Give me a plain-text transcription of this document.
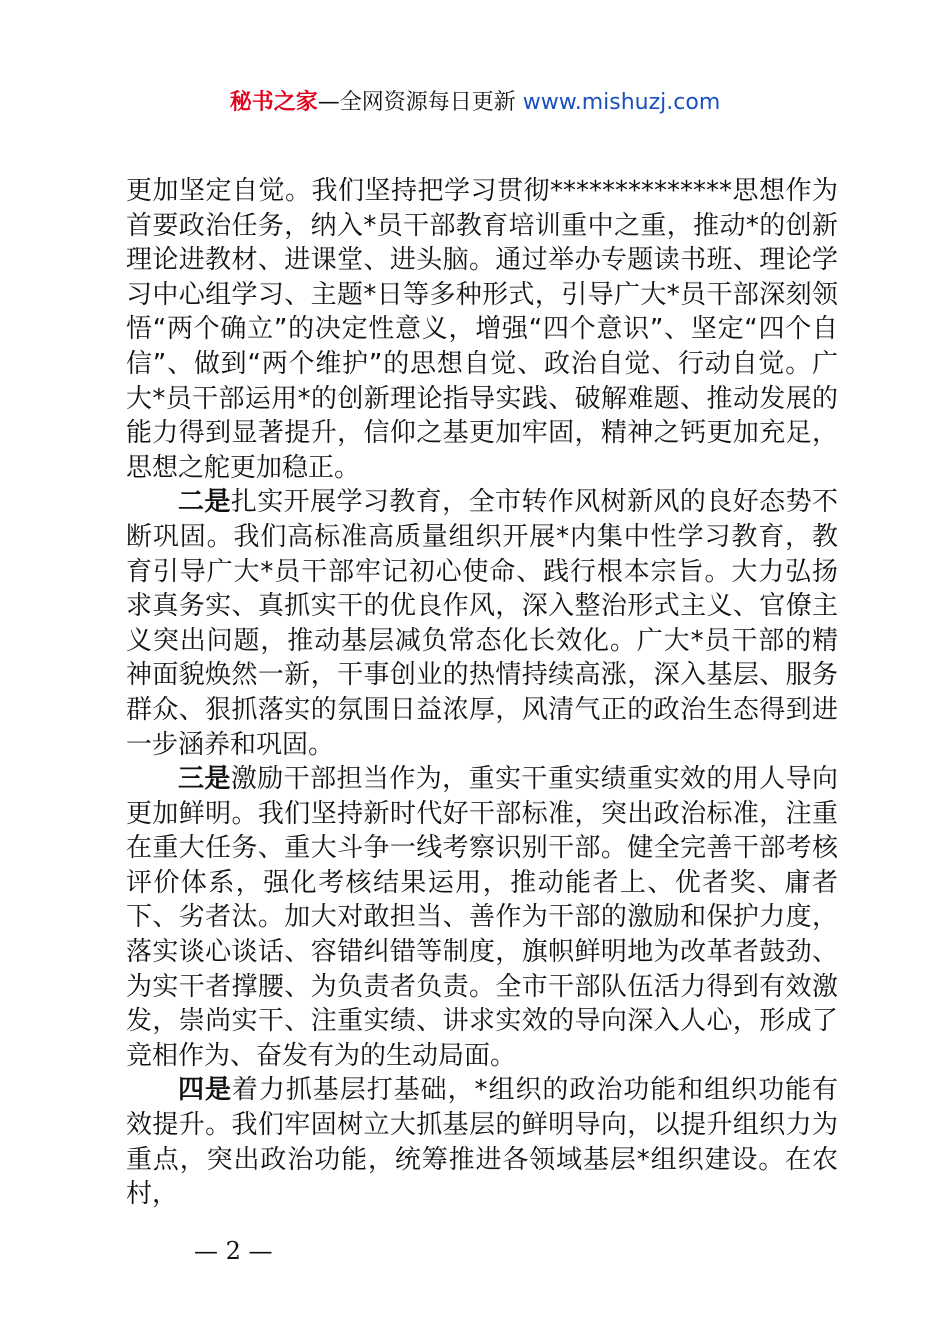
秘书之家—全网资源每日更新 www.mishuzj.com

更加坚定自觉。我们坚持把学习贯彻**************思想作为首要政治任务，纳入*员干部教育培训重中之重，推动*的创新理论进教材、进课堂、进头脑。通过举办专题读书班、理论学习中心组学习、主题*日等多种形式，引导广大*员干部深刻领悟“两个确立”的决定性意义，增强“四个意识”、坚定“四个自信”、做到“两个维护”的思想自觉、政治自觉、行动自觉。广大*员干部运用*的创新理论指导实践、破解难题、推动发展的能力得到显著提升，信仰之基更加牢固，精神之钙更加充足，思想之舵更加稳正。

二是扎实开展学习教育，全市转作风树新风的良好态势不断巩固。我们高标准高质量组织开展*内集中性学习教育，教育引导广大*员干部牢记初心使命、践行根本宗旨。大力弘扬求真务实、真抓实干的优良作风，深入整治形式主义、官僚主义突出问题，推动基层减负常态化长效化。广大*员干部的精神面貌焕然一新，干事创业的热情持续高涨，深入基层、服务群众、狠抓落实的氛围日益浓厚，风清气正的政治生态得到进一步涵养和巩固。

三是激励干部担当作为，重实干重实绩重实效的用人导向更加鲜明。我们坚持新时代好干部标准，突出政治标准，注重在重大任务、重大斗争一线考察识别干部。健全完善干部考核评价体系，强化考核结果运用，推动能者上、优者奖、庸者下、劣者汰。加大对敢担当、善作为干部的激励和保护力度，落实谈心谈话、容错纠错等制度，旗帜鲜明地为改革者鼓劲、为实干者撑腰、为负责者负责。全市干部队伍活力得到有效激发，崇尚实干、注重实绩、讲求实效的导向深入人心，形成了竞相作为、奋发有为的生动局面。

四是着力抓基层打基础，*组织的政治功能和组织功能有效提升。我们牢固树立大抓基层的鲜明导向，以提升组织力为重点，突出政治功能，统筹推进各领域基层*组织建设。在农村，

— 2 —
